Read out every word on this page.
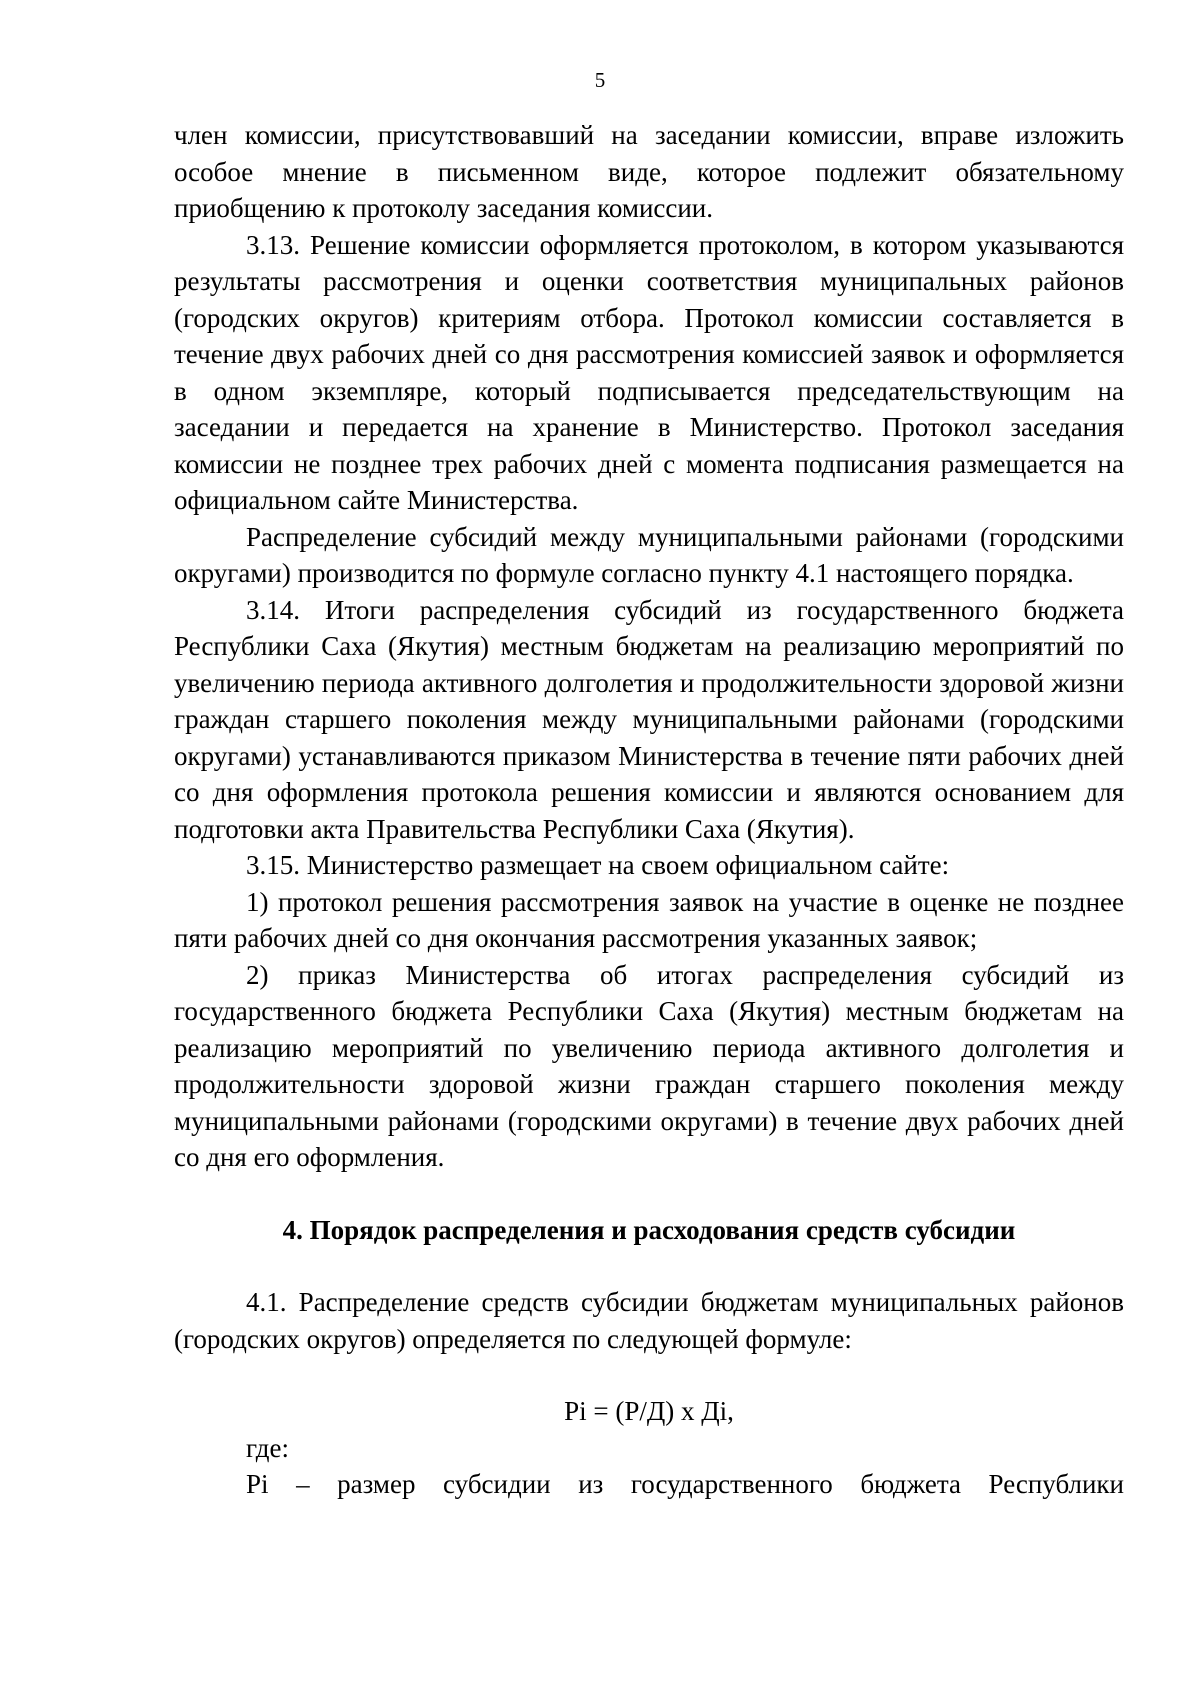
5

член комиссии, присутствовавший на заседании комиссии, вправе изложить особое мнение в письменном виде, которое подлежит обязательному приобщению к протоколу заседания комиссии.

3.13. Решение комиссии оформляется протоколом, в котором указываются результаты рассмотрения и оценки соответствия муниципальных районов (городских округов) критериям отбора. Протокол комиссии составляется в течение двух рабочих дней со дня рассмотрения комиссией заявок и оформляется в одном экземпляре, который подписывается председательствующим на заседании и передается на хранение в Министерство. Протокол заседания комиссии не позднее трех рабочих дней с момента подписания размещается на официальном сайте Министерства.

Распределение субсидий между муниципальными районами (городскими округами) производится по формуле согласно пункту 4.1 настоящего порядка.

3.14. Итоги распределения субсидий из государственного бюджета Республики Саха (Якутия) местным бюджетам на реализацию мероприятий по увеличению периода активного долголетия и продолжительности здоровой жизни граждан старшего поколения между муниципальными районами (городскими округами) устанавливаются приказом Министерства в течение пяти рабочих дней со дня оформления протокола решения комиссии и являются основанием для подготовки акта Правительства Республики Саха (Якутия).

3.15. Министерство размещает на своем официальном сайте:

1) протокол решения рассмотрения заявок на участие в оценке не позднее пяти рабочих дней со дня окончания рассмотрения указанных заявок;

2) приказ Министерства об итогах распределения субсидий из государственного бюджета Республики Саха (Якутия) местным бюджетам на реализацию мероприятий по увеличению периода активного долголетия и продолжительности здоровой жизни граждан старшего поколения между муниципальными районами (городскими округами) в течение двух рабочих дней со дня его оформления.

4. Порядок распределения и расходования средств субсидии

4.1. Распределение средств субсидии бюджетам муниципальных районов (городских округов) определяется по следующей формуле:

Pi = (Р/Д) х Дi,

где:

Pi – размер субсидии из государственного бюджета Республики
